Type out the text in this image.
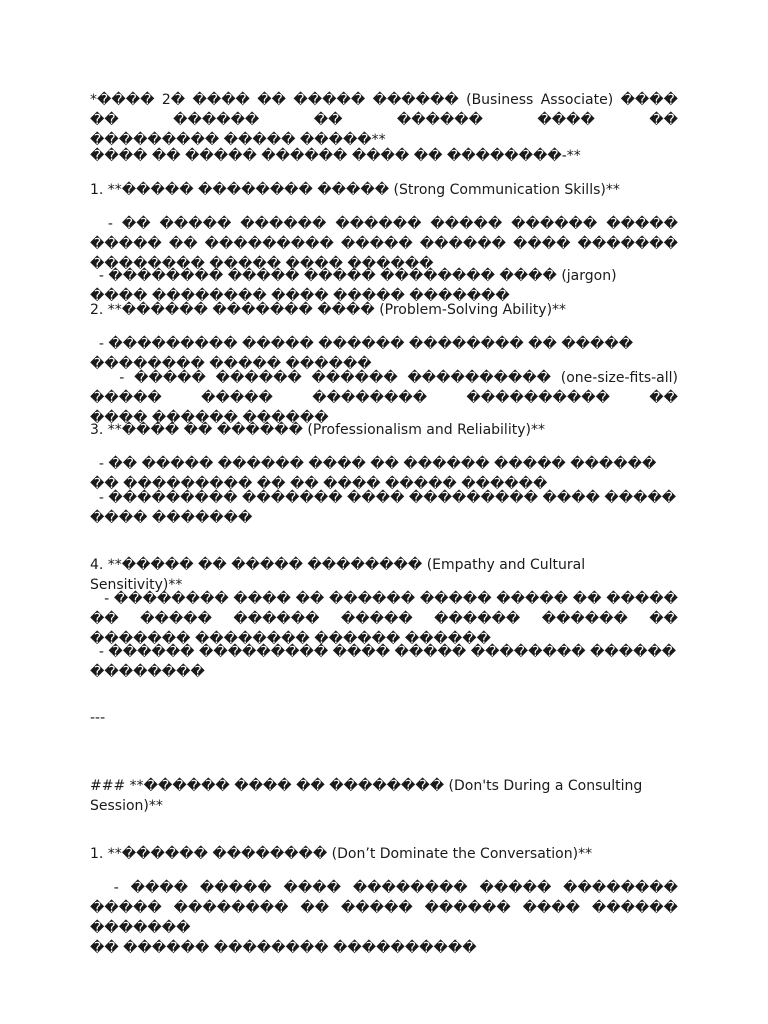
*���� 2� ���� �� ����� ������ (Business Associate) ���� �� ������ �� ������ ���� ��

��������� ����� �����**

���� �� ����� ������ ���� �� ��������-**

1. **����� �������� ����� (Strong Communication Skills)**

- �� ����� ������ ������ ����� ������ ����� ����� �� ��������� ����� ������ ���� �������

�������� ����� ���� ������

- �������� ����� ����� �������� ���� (jargon) ���� �������� ���� ����� �������

2. **������ ������� ���� (Problem-Solving Ability)**

- ��������� ����� ������ �������� �� ����� �������� ����� ������

- ����� ������ ������ ���������� (one-size-fits-all) ����� ����� �������� ���������� ��

���� ������ ������

3. **���� �� ������ (Professionalism and Reliability)**

- �� ����� ������ ���� �� ������ ����� ������ �� ��������� �� �� ���� ����� ������

- ��������� ������� ���� ��������� ���� ����� ���� �������

4. **����� �� ����� �������� (Empathy and Cultural Sensitivity)**

- �������� ���� �� ������ ����� ����� �� ����� �� ����� ������ ����� ������ ������ ��

������� �������� ������ ������

- ������ ��������� ���� ����� �������� ������ ��������

---

### **������ ���� �� �������� (Don'ts During a Consulting Session)**

1. **������ �������� (Don’t Dominate the Conversation)**

- ���� ����� ���� �������� ����� �������� ����� �������� �� ����� ������ ���� ������ �������

�� ������ �������� ����������
